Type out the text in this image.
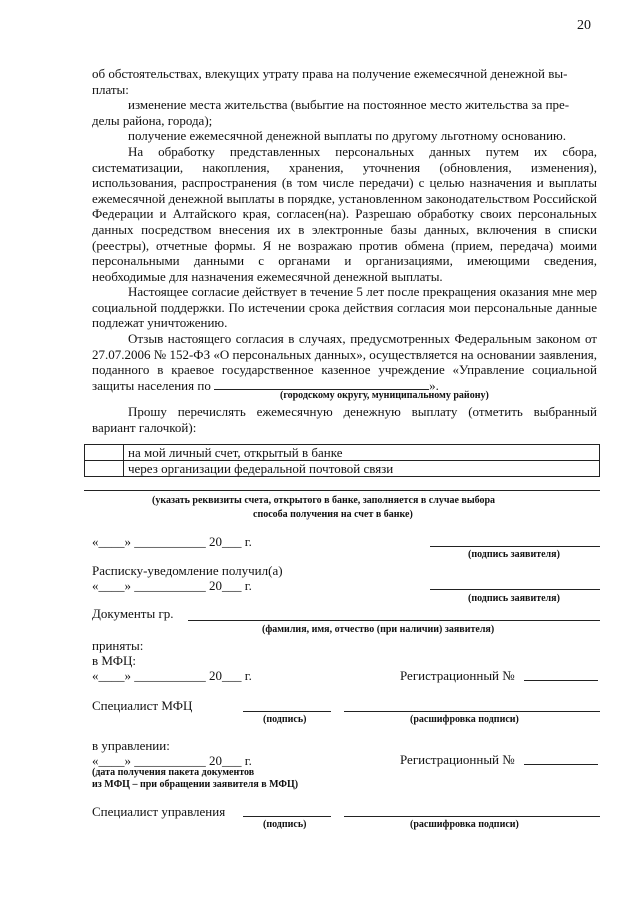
20
об обстоятельствах, влекущих утрату права на получение ежемесячной денежной вы-
платы:
изменение места жительства (выбытие на постоянное место жительства за пре-
делы района, города);
получение ежемесячной денежной выплаты по другому льготному основанию.
На обработку представленных персональных данных путем их сбора, систематизации, накопления, хранения, уточнения (обновления, изменения), использования, распространения (в том числе передачи) с целью назначения и выплаты ежемесячной денежной выплаты в порядке, установленном законодательством Российской Федерации и Алтайского края, согласен(на). Разрешаю обработку своих персональных данных посредством внесения их в электронные базы данных, включения в списки (реестры), отчетные формы. Я не возражаю против обмена (прием, передача) моими персональными данными с органами и организациями, имеющими сведения, необходимые для назначения ежемесячной денежной выплаты.
Настоящее согласие действует в течение 5 лет после прекращения оказания мне мер социальной поддержки. По истечении срока действия согласия мои персональные данные подлежат уничтожению.
Отзыв настоящего согласия в случаях, предусмотренных Федеральным законом от 27.07.2006 № 152-ФЗ «О персональных данных», осуществляется на основании заявления, поданного в краевое государственное казенное учреждение «Управление социальной защиты населения по	».
(городскому округу, муниципальному району)
Прошу перечислять ежемесячную денежную выплату (отметить выбранный вариант галочкой):
	на мой личный счет, открытый в банке
	через организации федеральной почтовой связи
(указать реквизиты счета, открытого в банке, заполняется в случае выбора
способа получения на счет в банке)
«____» ___________ 20___ г.
(подпись заявителя)
Расписку-уведомление получил(а)
«____» ___________ 20___ г.
(подпись заявителя)
Документы гр.
(фамилия, имя, отчество (при наличии) заявителя)
приняты:
в МФЦ:
«____» ___________ 20___ г.	Регистрационный №
Специалист МФЦ
(подпись)	(расшифровка подписи)
в управлении:
«____» ___________ 20___ г.	Регистрационный №
(дата получения пакета документов
из МФЦ – при обращении заявителя в МФЦ)
Специалист управления
(подпись)	(расшифровка подписи)
